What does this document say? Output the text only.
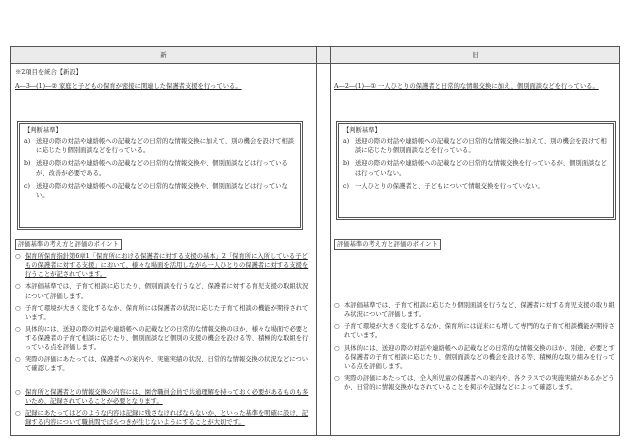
新	旧
※2項目を統合【新設】
A―3―(1)―② 家庭と子どもの保育が密接に関連した保護者支援を行っている。
【判断基準】
a) 送迎の際の対話や連絡帳への記載などの日常的な情報交換に加えて、別の機会を設けて相談に応じたり個別面談などを行っている。
b) 送迎の際の対話や連絡帳への記載などの日常的な情報交換や、個別面談などは行っているが、改善が必要である。
c) 送迎の際の対話や連絡帳への記載などの日常的な情報交換や、個別面談などは行っていない。
評価基準の考え方と評価のポイント
○ 保育所保育指針第6章1「保育所における保護者に対する支援の基本」2「保育所に入所している子どもの保護者に対する支援」において、様々な場面を活用しながら一人ひとりの保護者に対する支援を行うことが記されています。
○ 本評価基準では、子育て相談に応じたり、個別面談を行うなど、保護者に対する育児支援の取組状況について評価します。
○ 子育て環境が大きく変化するなか、保育所には保護者の状況に応じた子育て相談の機能が期待されています。
○ 具体的には、送迎の際の対話や連絡帳への記載などの日常的な情報交換のほか、様々な場面で必要とする保護者の子育て相談に応じたり、個別面談など個別の支援の機会を設ける等、積極的な取組を行っている点を評価します。
○ 実際の評価にあたっては、保護者への案内や、実施実績の状況、日常的な情報交換の状況などについて確認します。
○ 保育所と保護者との情報交換の内容には、園舎職員会員で共通理解を持っておく必要があるものも多いため、記録されていることが必要となります。
○ 記録にあたってはどのような内容は記録に残さなければならないか、といった基準を明確に設け、記録する内容について職員間でばらつきが生じないようにすることが大切です。
A―2―(1)―① 一人ひとりの保護者と日常的な情報交換に加え、個別面談などを行っている。
【判断基準】
a) 送迎の際の対話や連絡帳への記載などの日常的な情報交換に加えて、別の機会を設けて相談に応じたり個別面談などを行っている。
b) 送迎の際の対話や連絡帳への記載などの日常的な情報交換を行っているが、個別面談などは行っていない。
c) 一人ひとりの保護者と、子どもについて情報交換を行っていない。
評価基準の考え方と評価のポイント
○ 本評価基準では、子育て相談に応じたり個別面談を行うなど、保護者に対する育児支援の取り組み状況について評価します。
○ 子育て環境が大きく変化するなか、保育所には従来にも増して専門的な子育て相談機能が期待されています。
○ 具体的には、送迎の際の対話や連絡帳への記載などの日常的な情報交換のほか、別途、必要とする保護者の子育て相談に応じたり、個別面談などの機会を設ける等、積極的な取り組みを行っている点を評価します。
○ 実際の評価にあたっては、全入所児童の保護者への案内や、各クラスでの実施実績があるかどうか、日常的に情報交換がなされていることを掲示や記録などによって確認します。
